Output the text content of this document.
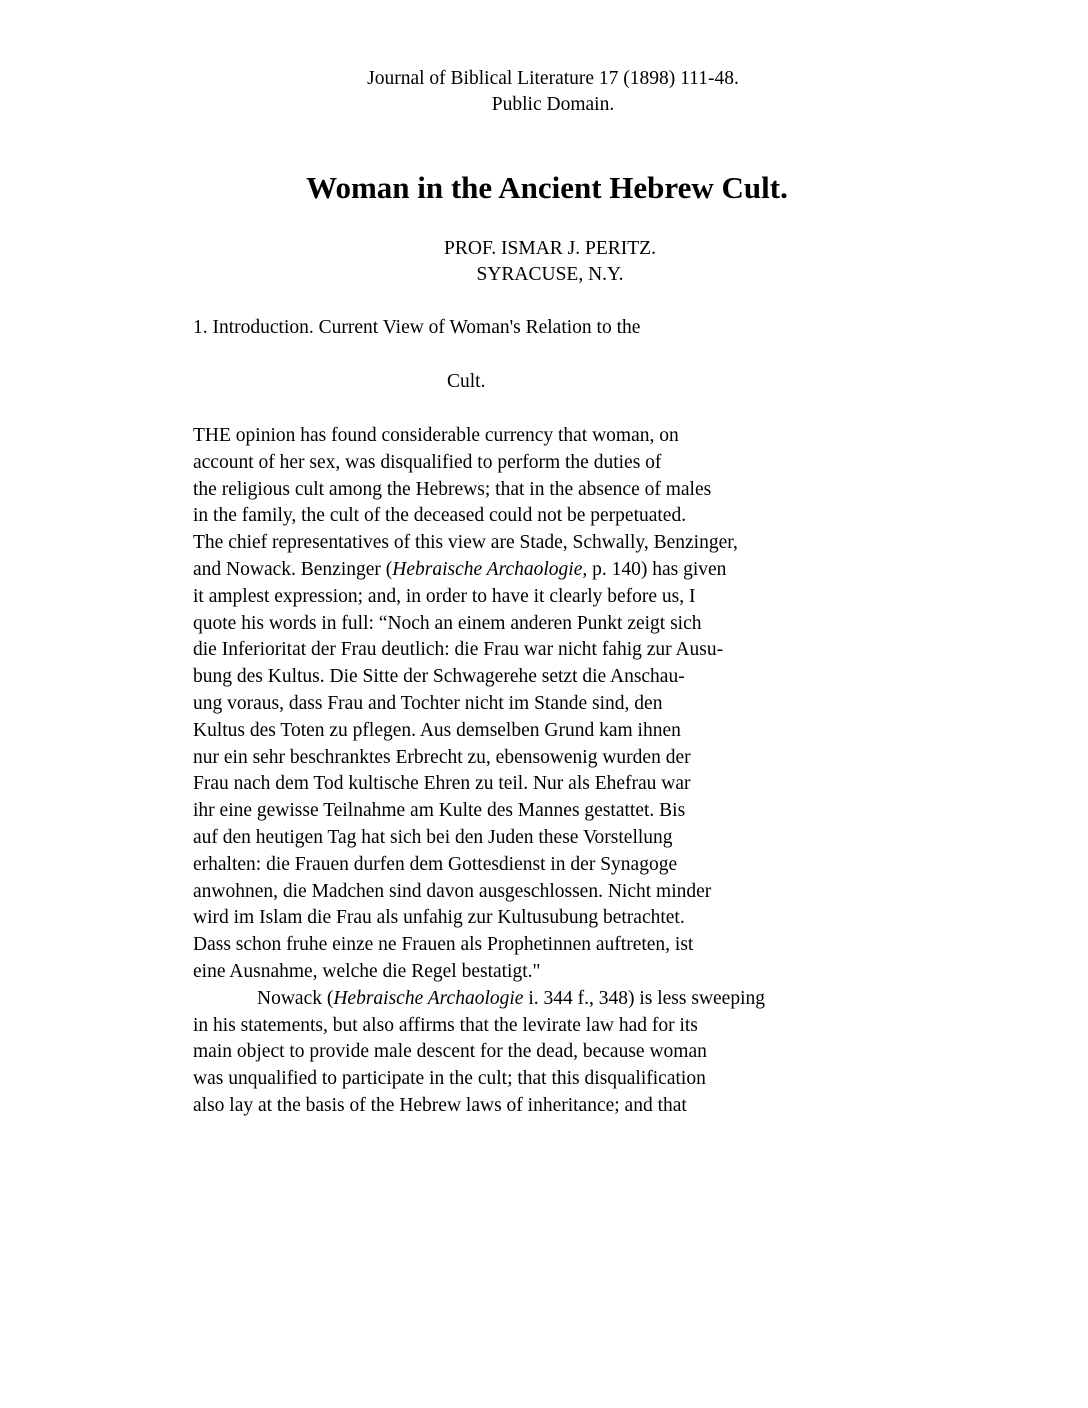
Journal of Biblical Literature 17 (1898) 111-48.
Public Domain.
Woman in the Ancient Hebrew Cult.
PROF. ISMAR J. PERITZ.
SYRACUSE, N.Y.
1. Introduction. Current View of Woman's Relation to the
Cult.
THE opinion has found considerable currency that woman, on
account of her sex, was disqualified to perform the duties of
the religious cult among the Hebrews; that in the absence of males
in the family, the cult of the deceased could not be perpetuated.
The chief representatives of this view are Stade, Schwally, Benzinger,
and Nowack. Benzinger (Hebraische Archaologie, p. 140) has given
it amplest expression; and, in order to have it clearly before us, I
quote his words in full: “Noch an einem anderen Punkt zeigt sich
die Inferioritat der Frau deutlich: die Frau war nicht fahig zur Ausu-
bung des Kultus. Die Sitte der Schwagerehe setzt die Anschau-
ung voraus, dass Frau and Tochter nicht im Stande sind, den
Kultus des Toten zu pflegen. Aus demselben Grund kam ihnen
nur ein sehr beschranktes Erbrecht zu, ebensowenig wurden der
Frau nach dem Tod kultische Ehren zu teil. Nur als Ehefrau war
ihr eine gewisse Teilnahme am Kulte des Mannes gestattet. Bis
auf den heutigen Tag hat sich bei den Juden these Vorstellung
erhalten: die Frauen durfen dem Gottesdienst in der Synagoge
anwohnen, die Madchen sind davon ausgeschlossen. Nicht minder
wird im Islam die Frau als unfahig zur Kultusubung betrachtet.
Dass schon fruhe einze ne Frauen als Prophetinnen auftreten, ist
eine Ausnahme, welche die Regel bestatigt."
Nowack (Hebraische Archaologie i. 344 f., 348) is less sweeping
in his statements, but also affirms that the levirate law had for its
main object to provide male descent for the dead, because woman
was unqualified to participate in the cult; that this disqualification
also lay at the basis of the Hebrew laws of inheritance; and that
